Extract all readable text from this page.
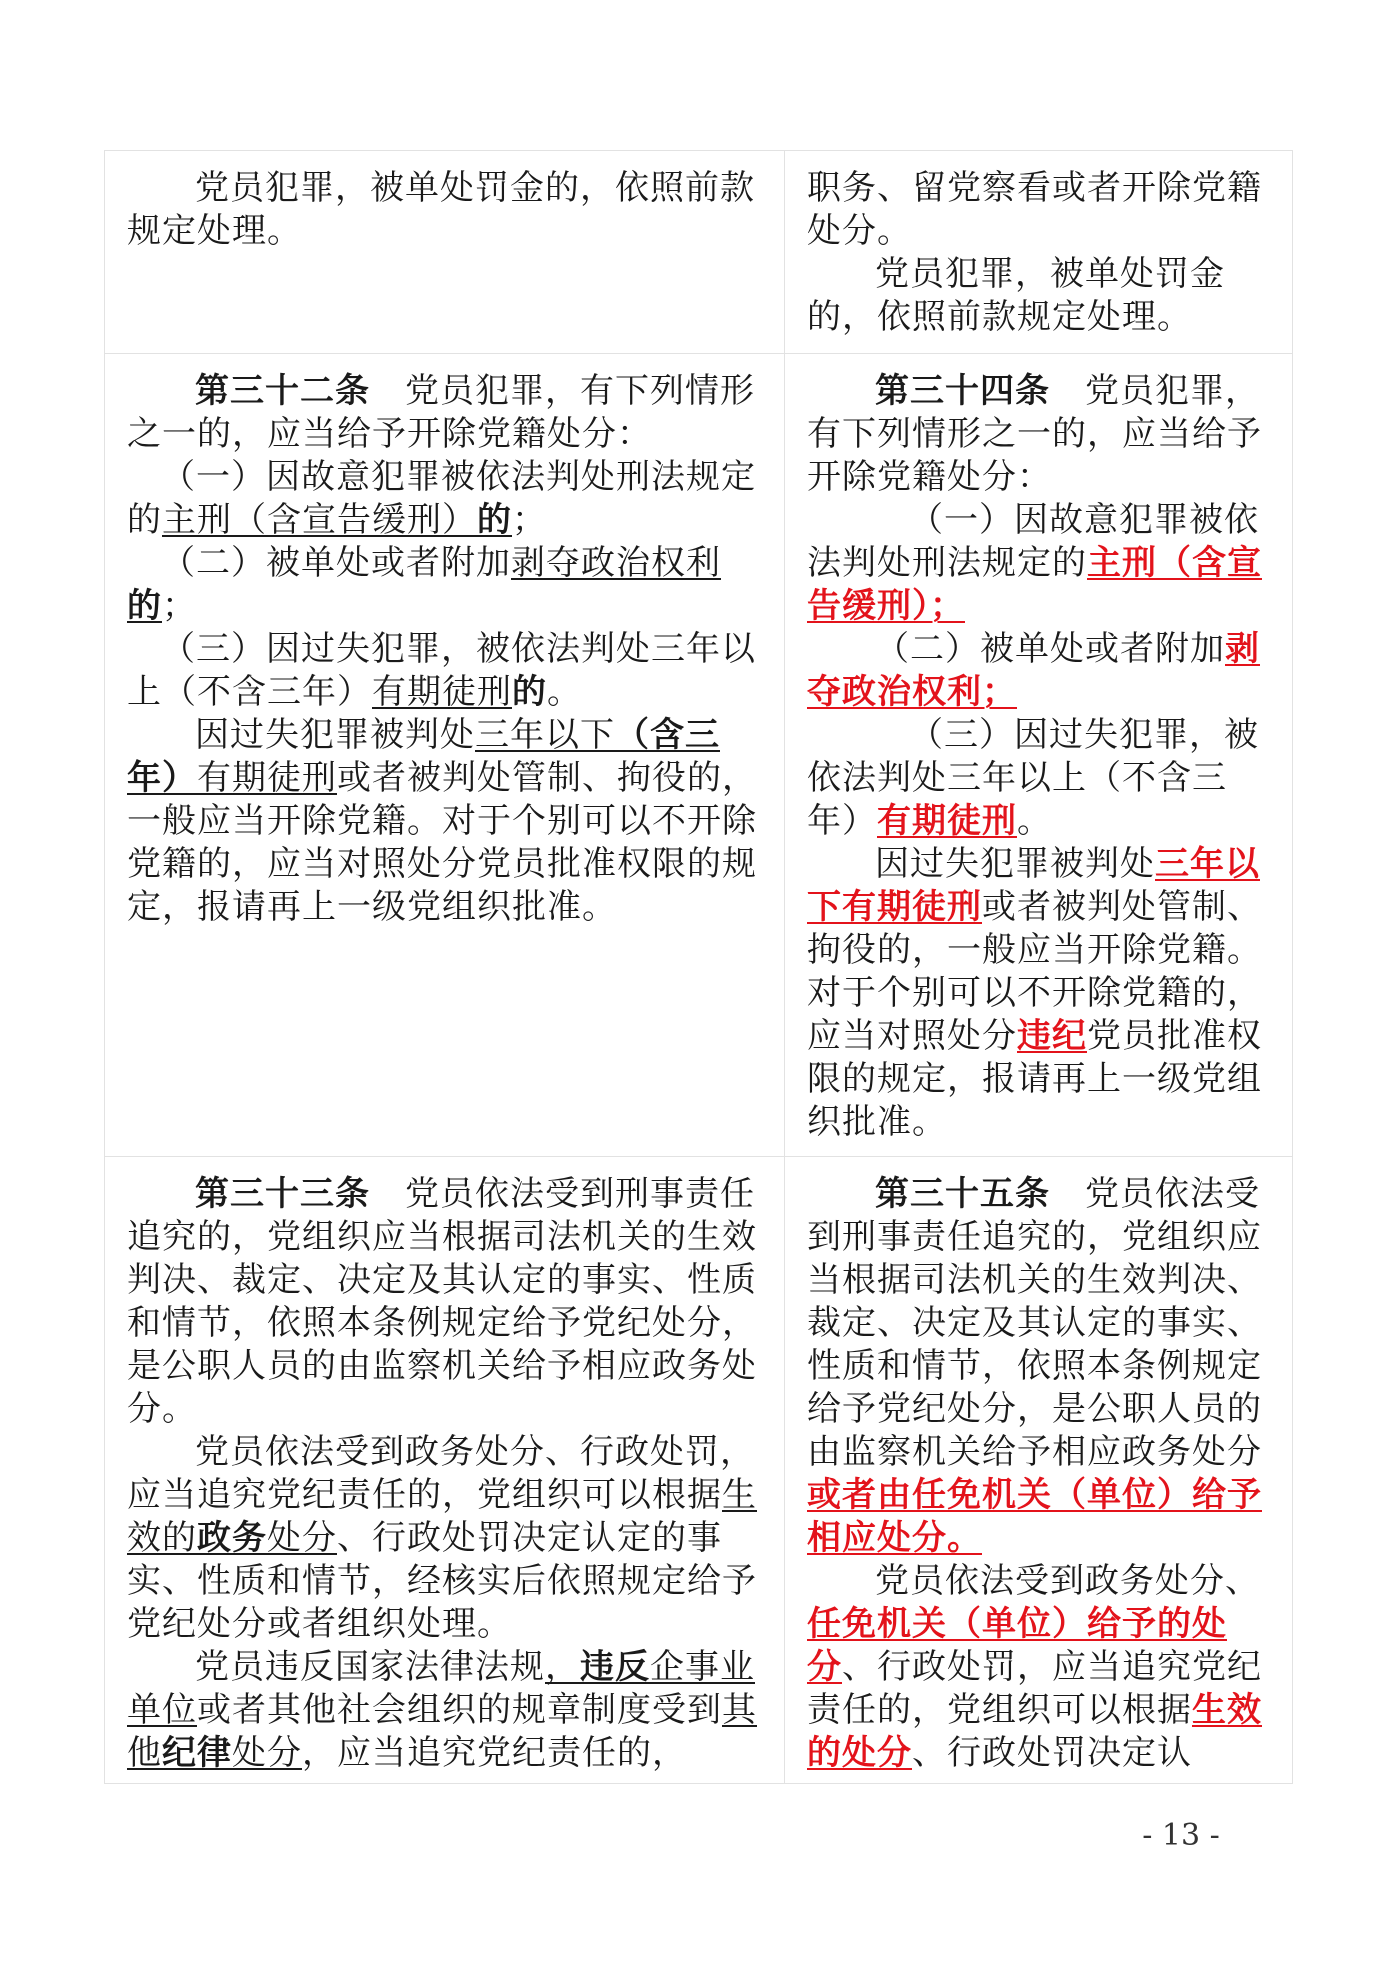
党员犯罪，被单处罚金的，依照前款规定处理。

职务、留党察看或者开除党籍处分。

党员犯罪，被单处罚金的，依照前款规定处理。

第三十二条　 党员犯罪，有下列情形之一的，应当给予开除党籍处分：

（一）因故意犯罪被依法判处刑法规定的主刑（含宣告缓刑）的；

（二）被单处或者附加剥夺政治权利的；

（三）因过失犯罪，被依法判处三年以上（不含三年）有期徒刑的。

因过失犯罪被判处三年以下（含三年）有期徒刑或者被判处管制、拘役的，一般应当开除党籍。对于个别可以不开除党籍的，应当对照处分党员批准权限的规定，报请再上一级党组织批准。

第三十四条　 党员犯罪，有下列情形之一的，应当给予开除党籍处分：

（一）因故意犯罪被依法判处刑法规定的主刑（含宣告缓刑）；

（二）被单处或者附加剥夺政治权利；

（三）因过失犯罪，被依法判处三年以上（不含三年）有期徒刑。

因过失犯罪被判处三年以下有期徒刑或者被判处管制、拘役的，一般应当开除党籍。对于个别可以不开除党籍的，应当对照处分违纪党员批准权限的规定，报请再上一级党组织批准。

第三十三条　 党员依法受到刑事责任追究的，党组织应当根据司法机关的生效判决、裁定、决定及其认定的事实、性质和情节，依照本条例规定给予党纪处分，是公职人员的由监察机关给予相应政务处分。

党员依法受到政务处分、行政处罚，应当追究党纪责任的，党组织可以根据生效的政务处分、行政处罚决定认定的事实、性质和情节，经核实后依照规定给予党纪处分或者组织处理。

党员违反国家法律法规，违反企事业单位或者其他社会组织的规章制度受到其他纪律处分，应当追究党纪责任的，

第三十五条　 党员依法受到刑事责任追究的，党组织应当根据司法机关的生效判决、裁定、决定及其认定的事实、性质和情节，依照本条例规定给予党纪处分，是公职人员的由监察机关给予相应政务处分或者由任免机关（单位）给予相应处分。

党员依法受到政务处分、任免机关（单位）给予的处分、行政处罚，应当追究党纪责任的，党组织可以根据生效的处分、行政处罚决定认

- 13 -
